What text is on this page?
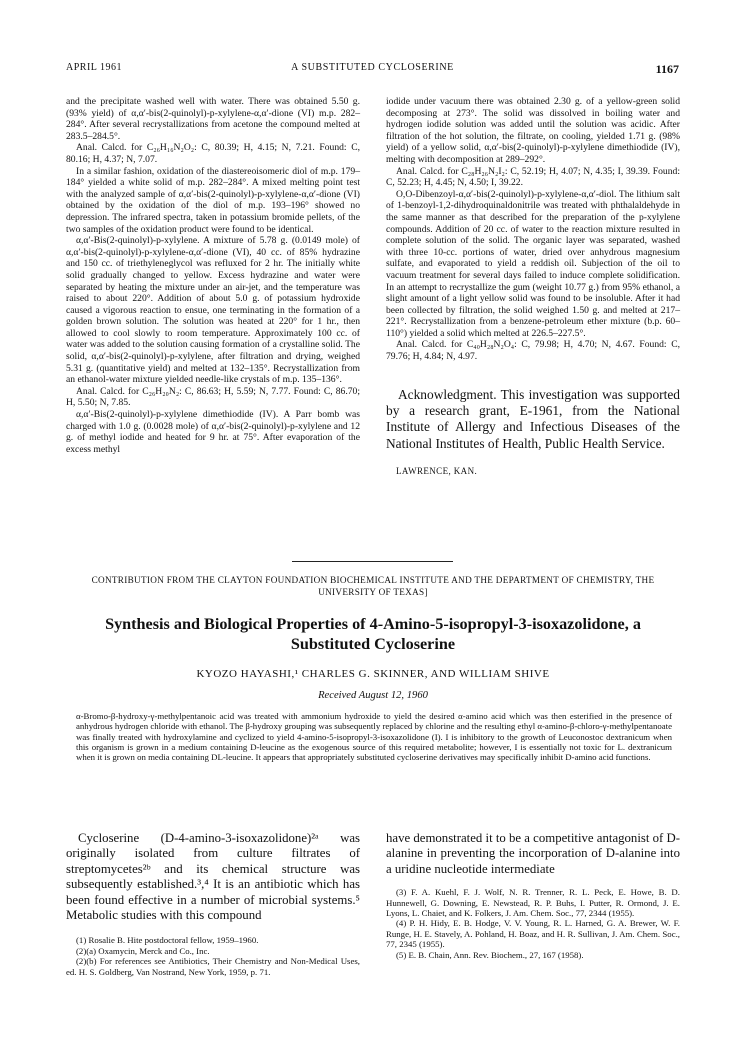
APRIL 1961	A SUBSTITUTED CYCLOSERINE	1167

and the precipitate washed well with water. There was obtained 5.50 g. (93% yield) of α,α′-bis(2-quinolyl)-p-xylylene-α,α′-dione (VI) m.p. 282–284°. After several recrystallizations from acetone the compound melted at 283.5–284.5°.

Anal. Calcd. for C₂₆H₁₆N₂O₂: C, 80.39; H, 4.15; N, 7.21. Found: C, 80.16; H, 4.37; N, 7.07.

In a similar fashion, oxidation of the diastereoisomeric diol of m.p. 179–184° yielded a white solid of m.p. 282–284°. A mixed melting point test with the analyzed sample of α,α′-bis(2-quinolyl)-p-xylylene-α,α′-dione (VI) obtained by the oxidation of the diol of m.p. 193–196° showed no depression. The infrared spectra, taken in potassium bromide pellets, of the two samples of the oxidation product were found to be identical.

α,α′-Bis(2-quinolyl)-p-xylylene. A mixture of 5.78 g. (0.0149 mole) of α,α′-bis(2-quinolyl)-p-xylylene-α,α′-dione (VI), 40 cc. of 85% hydrazine and 150 cc. of triethyleneglycol was refluxed for 2 hr. The initially white solid gradually changed to yellow. Excess hydrazine and water were separated by heating the mixture under an air-jet, and the temperature was raised to about 220°. Addition of about 5.0 g. of potassium hydroxide caused a vigorous reaction to ensue, one terminating in the formation of a golden brown solution. The solution was heated at 220° for 1 hr., then allowed to cool slowly to room temperature. Approximately 100 cc. of water was added to the solution causing formation of a crystalline solid. The solid, α,α′-bis(2-quinolyl)-p-xylylene, after filtration and drying, weighed 5.31 g. (quantitative yield) and melted at 132–135°. Recrystallization from an ethanol-water mixture yielded needle-like crystals of m.p. 135–136°.

Anal. Calcd. for C₂₆H₂₀N₂: C, 86.63; H, 5.59; N, 7.77. Found: C, 86.70; H, 5.50; N, 7.85.

α,α′-Bis(2-quinolyl)-p-xylylene dimethiodide (IV). A Parr bomb was charged with 1.0 g. (0.0028 mole) of α,α′-bis(2-quinolyl)-p-xylylene and 12 g. of methyl iodide and heated for 9 hr. at 75°. After evaporation of the excess methyl

iodide under vacuum there was obtained 2.30 g. of a yellow-green solid decomposing at 273°. The solid was dissolved in boiling water and hydrogen iodide solution was added until the solution was acidic. After filtration of the hot solution, the filtrate, on cooling, yielded 1.71 g. (98% yield) of a yellow solid, α,α′-bis(2-quinolyl)-p-xylylene dimethiodide (IV), melting with decomposition at 289–292°.

Anal. Calcd. for C₂₈H₂₆N₂I₂: C, 52.19; H, 4.07; N, 4.35; I, 39.39. Found: C, 52.23; H, 4.45; N, 4.50; I, 39.22.

O,O-Dibenzoyl-α,α′-bis(2-quinolyl)-p-xylylene-α,α′-diol. The lithium salt of 1-benzoyl-1,2-dihydroquinaldonitrile was treated with phthalaldehyde in the same manner as that described for the preparation of the p-xylylene compounds. Addition of 20 cc. of water to the reaction mixture resulted in complete solution of the solid. The organic layer was separated, washed with three 10-cc. portions of water, dried over anhydrous magnesium sulfate, and evaporated to yield a reddish oil. Subjection of the oil to vacuum treatment for several days failed to induce complete solidification. In an attempt to recrystallize the gum (weight 10.77 g.) from 95% ethanol, a slight amount of a light yellow solid was found to be insoluble. After it had been collected by filtration, the solid weighed 1.50 g. and melted at 217–221°. Recrystallization from a benzene-petroleum ether mixture (b.p. 60–110°) yielded a solid which melted at 226.5–227.5°.

Anal. Calcd. for C₄₀H₂₈N₂O₄: C, 79.98; H, 4.70; N, 4.67. Found: C, 79.76; H, 4.84; N, 4.97.

Acknowledgment. This investigation was supported by a research grant, E-1961, from the National Institute of Allergy and Infectious Diseases of the National Institutes of Health, Public Health Service.

LAWRENCE, KAN.

CONTRIBUTION FROM THE CLAYTON FOUNDATION BIOCHEMICAL INSTITUTE AND THE DEPARTMENT OF CHEMISTRY, THE UNIVERSITY OF TEXAS]
Synthesis and Biological Properties of 4-Amino-5-isopropyl-3-isoxazolidone, a Substituted Cycloserine
KYOZO HAYASHI,¹ CHARLES G. SKINNER, AND WILLIAM SHIVE
Received August 12, 1960
α-Bromo-β-hydroxy-γ-methylpentanoic acid was treated with ammonium hydroxide to yield the desired α-amino acid which was then esterified in the presence of anhydrous hydrogen chloride with ethanol. The β-hydroxy grouping was subsequently replaced by chlorine and the resulting ethyl α-amino-β-chloro-γ-methylpentanoate was finally treated with hydroxylamine and cyclized to yield 4-amino-5-isopropyl-3-isoxazolidone (I). I is inhibitory to the growth of Leuconostoc dextranicum when this organism is grown in a medium containing D-leucine as the exogenous source of this required metabolite; however, I is essentially not toxic for L. dextranicum when it is grown on media containing DL-leucine. It appears that appropriately substituted cycloserine derivatives may specifically inhibit D-amino acid functions.

Cycloserine (D-4-amino-3-isoxazolidone)²ᵃ was originally isolated from culture filtrates of streptomycetes²ᵇ and its chemical structure was subsequently established.³,⁴ It is an antibiotic which has been found effective in a number of microbial systems.⁵ Metabolic studies with this compound

(1) Rosalie B. Hite postdoctoral fellow, 1959–1960.
(2)(a) Oxamycin, Merck and Co., Inc.
(2)(b) For references see Antibiotics, Their Chemistry and Non-Medical Uses, ed. H. S. Goldberg, Van Nostrand, New York, 1959, p. 71.

have demonstrated it to be a competitive antagonist of D-alanine in preventing the incorporation of D-alanine into a uridine nucleotide intermediate

(3) F. A. Kuehl, F. J. Wolf, N. R. Trenner, R. L. Peck, E. Howe, B. D. Hunnewell, G. Downing, E. Newstead, R. P. Buhs, I. Putter, R. Ormond, J. E. Lyons, L. Chaiet, and K. Folkers, J. Am. Chem. Soc., 77, 2344 (1955).
(4) P. H. Hidy, E. B. Hodge, V. V. Young, R. L. Harned, G. A. Brewer, W. F. Runge, H. E. Stavely, A. Pohland, H. Boaz, and H. R. Sullivan, J. Am. Chem. Soc., 77, 2345 (1955).
(5) E. B. Chain, Ann. Rev. Biochem., 27, 167 (1958).
